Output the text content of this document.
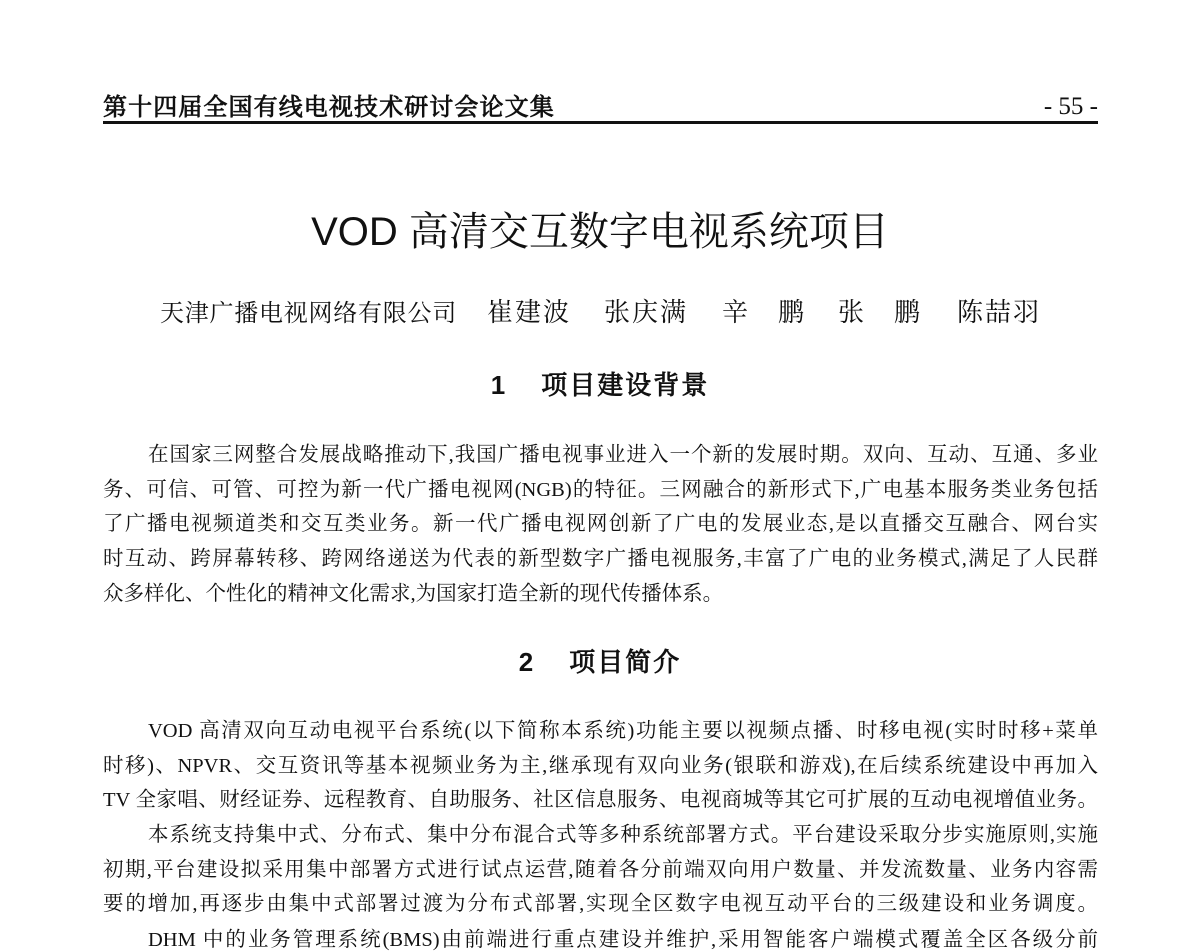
第十四届全国有线电视技术研讨会论文集	- 55 -
VOD 高清交互数字电视系统项目
天津广播电视网络有限公司 崔建波 张庆满 辛　鹏 张　鹏 陈喆羽
1 项目建设背景
在国家三网整合发展战略推动下,我国广播电视事业进入一个新的发展时期。双向、互动、互通、多业
务、可信、可管、可控为新一代广播电视网(NGB)的特征。三网融合的新形式下,广电基本服务类业务包括
了广播电视频道类和交互类业务。新一代广播电视网创新了广电的发展业态,是以直播交互融合、网台实
时互动、跨屏幕转移、跨网络递送为代表的新型数字广播电视服务,丰富了广电的业务模式,满足了人民群
众多样化、个性化的精神文化需求,为国家打造全新的现代传播体系。
2 项目简介
VOD 高清双向互动电视平台系统(以下简称本系统)功能主要以视频点播、时移电视(实时时移+菜单
时移)、NPVR、交互资讯等基本视频业务为主,继承现有双向业务(银联和游戏),在后续系统建设中再加入
TV 全家唱、财经证券、远程教育、自助服务、社区信息服务、电视商城等其它可扩展的互动电视增值业务。
本系统支持集中式、分布式、集中分布混合式等多种系统部署方式。平台建设采取分步实施原则,实施
初期,平台建设拟采用集中部署方式进行试点运营,随着各分前端双向用户数量、并发流数量、业务内容需
要的增加,再逐步由集中式部署过渡为分布式部署,实现全区数字电视互动平台的三级建设和业务调度。
DHM 中的业务管理系统(BMS)由前端进行重点建设并维护,采用智能客户端模式覆盖全区各级分前
